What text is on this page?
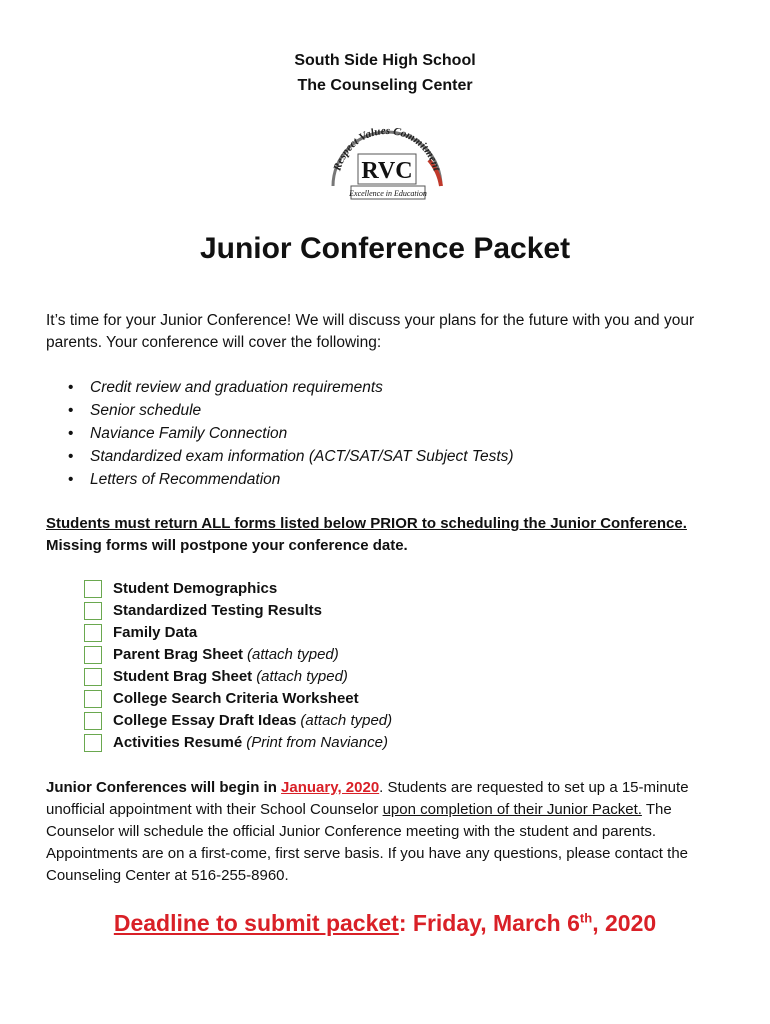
South Side High School
The Counseling Center
Respect Values Commitment
RVC
Excellence in Education
Junior Conference Packet
It’s time for your Junior Conference! We will discuss your plans for the future with you and your parents. Your conference will cover the following:
• Credit review and graduation requirements
• Senior schedule
• Naviance Family Connection
• Standardized exam information (ACT/SAT/SAT Subject Tests)
• Letters of Recommendation
Students must return ALL forms listed below PRIOR to scheduling the Junior Conference.
Missing forms will postpone your conference date.
Student Demographics
Standardized Testing Results
Family Data
Parent Brag Sheet (attach typed)
Student Brag Sheet (attach typed)
College Search Criteria Worksheet
College Essay Draft Ideas (attach typed)
Activities Resumé (Print from Naviance)
Junior Conferences will begin in January, 2020. Students are requested to set up a 15-minute unofficial appointment with their School Counselor upon completion of their Junior Packet. The Counselor will schedule the official Junior Conference meeting with the student and parents. Appointments are on a first-come, first serve basis. If you have any questions, please contact the Counseling Center at 516-255-8960.
Deadline to submit packet: Friday, March 6th, 2020
